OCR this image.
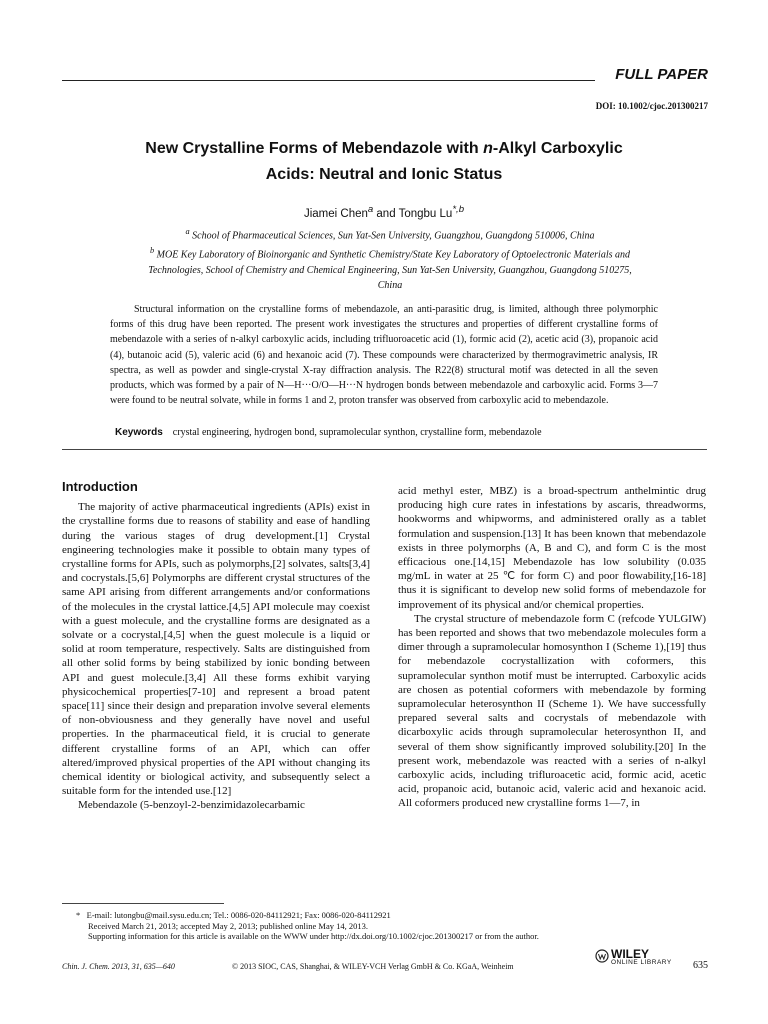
FULL PAPER
DOI: 10.1002/cjoc.201300217
New Crystalline Forms of Mebendazole with n-Alkyl Carboxylic
Acids: Neutral and Ionic Status
Jiamei Chen$^a$ and Tongbu $Lu^{*,b}$

$^a$ School of Pharmaceutical Sciences, Sun Yat-Sen University, Guangzhou, Guangdong 510006, China

$^b$ MOE Key Laboratory of Bioinorganic and Synthetic Chemistry/State Key Laboratory of Optoelectronic Materials and Technologies, School of Chemistry and Chemical Engineering, Sun Yat-Sen University, Guangzhou, Guangdong 510275, China

Structural information on the crystalline forms of mebendazole, an anti-parasitic drug, is limited, although three polymorphic forms of this drug have been reported. The present work investigates the structures and properties of different crystalline forms of mebendazole with a series of n-alkyl carboxylic acids, including trifluoroacetic acid (1), formic acid (2), acetic acid (3), propanoic acid (4), butanoic acid (5), valeric acid (6) and hexanoic acid (7). These compounds were characterized by thermogravimetric analysis, IR spectra, as well as powder and single-crystal X-ray diffraction analysis. The R22(8) structural motif was detected in all the seven products, which was formed by a pair of N—H···O/O—H···N hydrogen bonds between mebendazole and carboxylic acid. Forms 3—7 were found to be neutral solvate, while in forms 1 and 2, proton transfer was observed from carboxylic acid to mebendazole.

Keywords crystal engineering, hydrogen bond, supramolecular synthon, crystalline form, mebendazole
Introduction

The majority of active pharmaceutical ingredients (APIs) exist in the crystalline forms due to reasons of stability and ease of handling during the various stages of drug development.[1] Crystal engineering technologies make it possible to obtain many types of crystalline forms for APIs, such as polymorphs,[2] solvates, salts[3,4] and cocrystals.[5,6] Polymorphs are different crystal structures of the same API arising from different arrangements and/or conformations of the molecules in the crystal lattice.[4,5] API molecule may coexist with a guest molecule, and the crystalline forms are designated as a solvate or a cocrystal,[4,5] when the guest molecule is a liquid or solid at room temperature, respectively. Salts are distinguished from all other solid forms by being stabilized by ionic bonding between API and guest molecule.[3,4] All these forms exhibit varying physicochemical properties[7-10] and represent a broad patent space[11] since their design and preparation involve several elements of non-obviousness and they generally have novel and useful properties. In the pharmaceutical field, it is crucial to generate different crystalline forms of an API, which can offer altered/improved physical properties of the API without changing its chemical identity or biological activity, and subsequently select a suitable form for the intended use.[12]

Mebendazole (5-benzoyl-2-benzimidazolecarbamic

acid methyl ester, MBZ) is a broad-spectrum anthelmintic drug producing high cure rates in infestations by ascaris, threadworms, hookworms and whipworms, and administered orally as a tablet formulation and suspension.[13] It has been known that mebendazole exists in three polymorphs (A, B and C), and form C is the most efficacious one.[14,15] Mebendazole has low solubility (0.035 mg/mL in water at 25 ℃ for form C) and poor flowability,[16-18] thus it is significant to develop new solid forms of mebendazole for improvement of its physical and/or chemical properties.

The crystal structure of mebendazole form C (refcode YULGIW) has been reported and shows that two mebendazole molecules form a dimer through a supramolecular homosynthon I (Scheme 1),[19] thus for mebendazole cocrystallization with coformers, this supramolecular synthon motif must be interrupted. Carboxylic acids are chosen as potential coformers with mebendazole by forming supramolecular heterosynthon II (Scheme 1). We have successfully prepared several salts and cocrystals of mebendazole with dicarboxylic acids through supramolecular heterosynthon II, and several of them show significantly improved solubility.[20] In the present work, mebendazole was reacted with a series of n-alkyl carboxylic acids, including trifluroacetic acid, formic acid, acetic acid, propanoic acid, butanoic acid, valeric acid and hexanoic acid. All coformers produced new crystalline forms 1—7, in

* E-mail: lutongbu@mail.sysu.edu.cn; Tel.: 0086-020-84112921; Fax: 0086-020-84112921

Received March 21, 2013; accepted May 2, 2013; published online May 14, 2013.

Supporting information for this article is available on the WWW under http://dx.doi.org/10.1002/cjoc.201300217 or from the author.

Chin. J. Chem. 2013, 31, 635—640	© 2013 SIOC, CAS, Shanghai, & WILEY-VCH Verlag GmbH & Co. KGaA, Weinheim
WILEY
ONLINE LIBRARY 635
